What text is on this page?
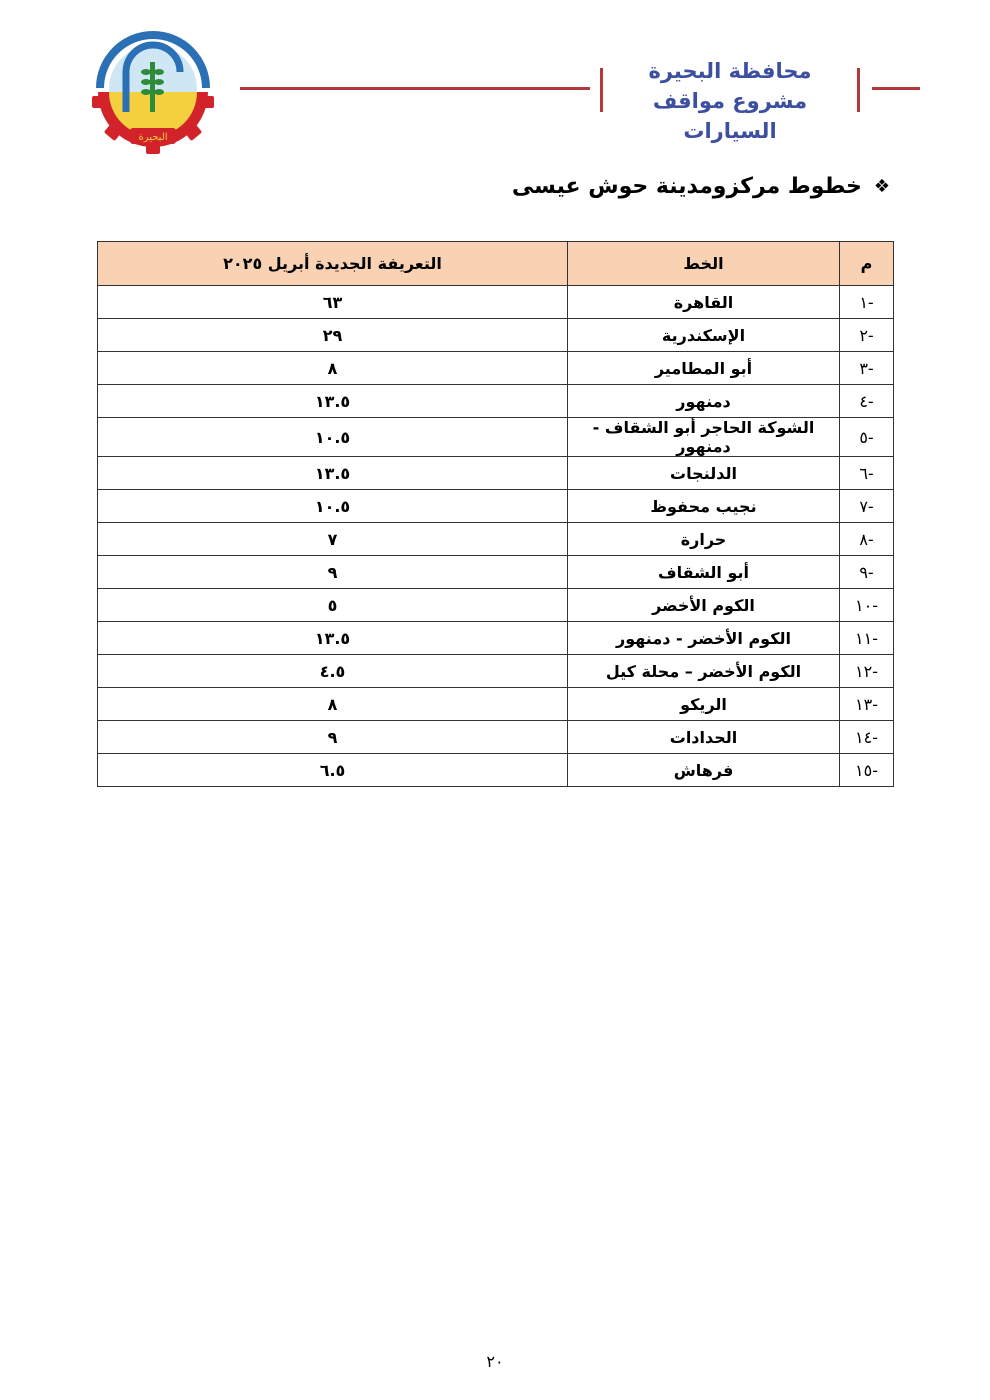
البحيرة
محافظة البحيرة
مشروع مواقف السيارات
❖
خطوط مركزومدينة حوش عيسى
م	الخط	التعريفة الجديدة أبريل ٢٠٢٥
-١	القاهرة	٦٣
-٢	الإسكندرية	٢٩
-٣	أبو المطامير	٨
-٤	دمنهور	١٣.٥
-٥	الشوكة الحاجر أبو الشقاف - دمنهور	١٠.٥
-٦	الدلنجات	١٣.٥
-٧	نجيب محفوظ	١٠.٥
-٨	حرارة	٧
-٩	أبو الشقاف	٩
-١٠	الكوم الأخضر	٥
-١١	الكوم الأخضر - دمنهور	١٣.٥
-١٢	الكوم الأخضر – محلة كيل	٤.٥
-١٣	الريكو	٨
-١٤	الحدادات	٩
-١٥	فرهاش	٦.٥
٢٠
